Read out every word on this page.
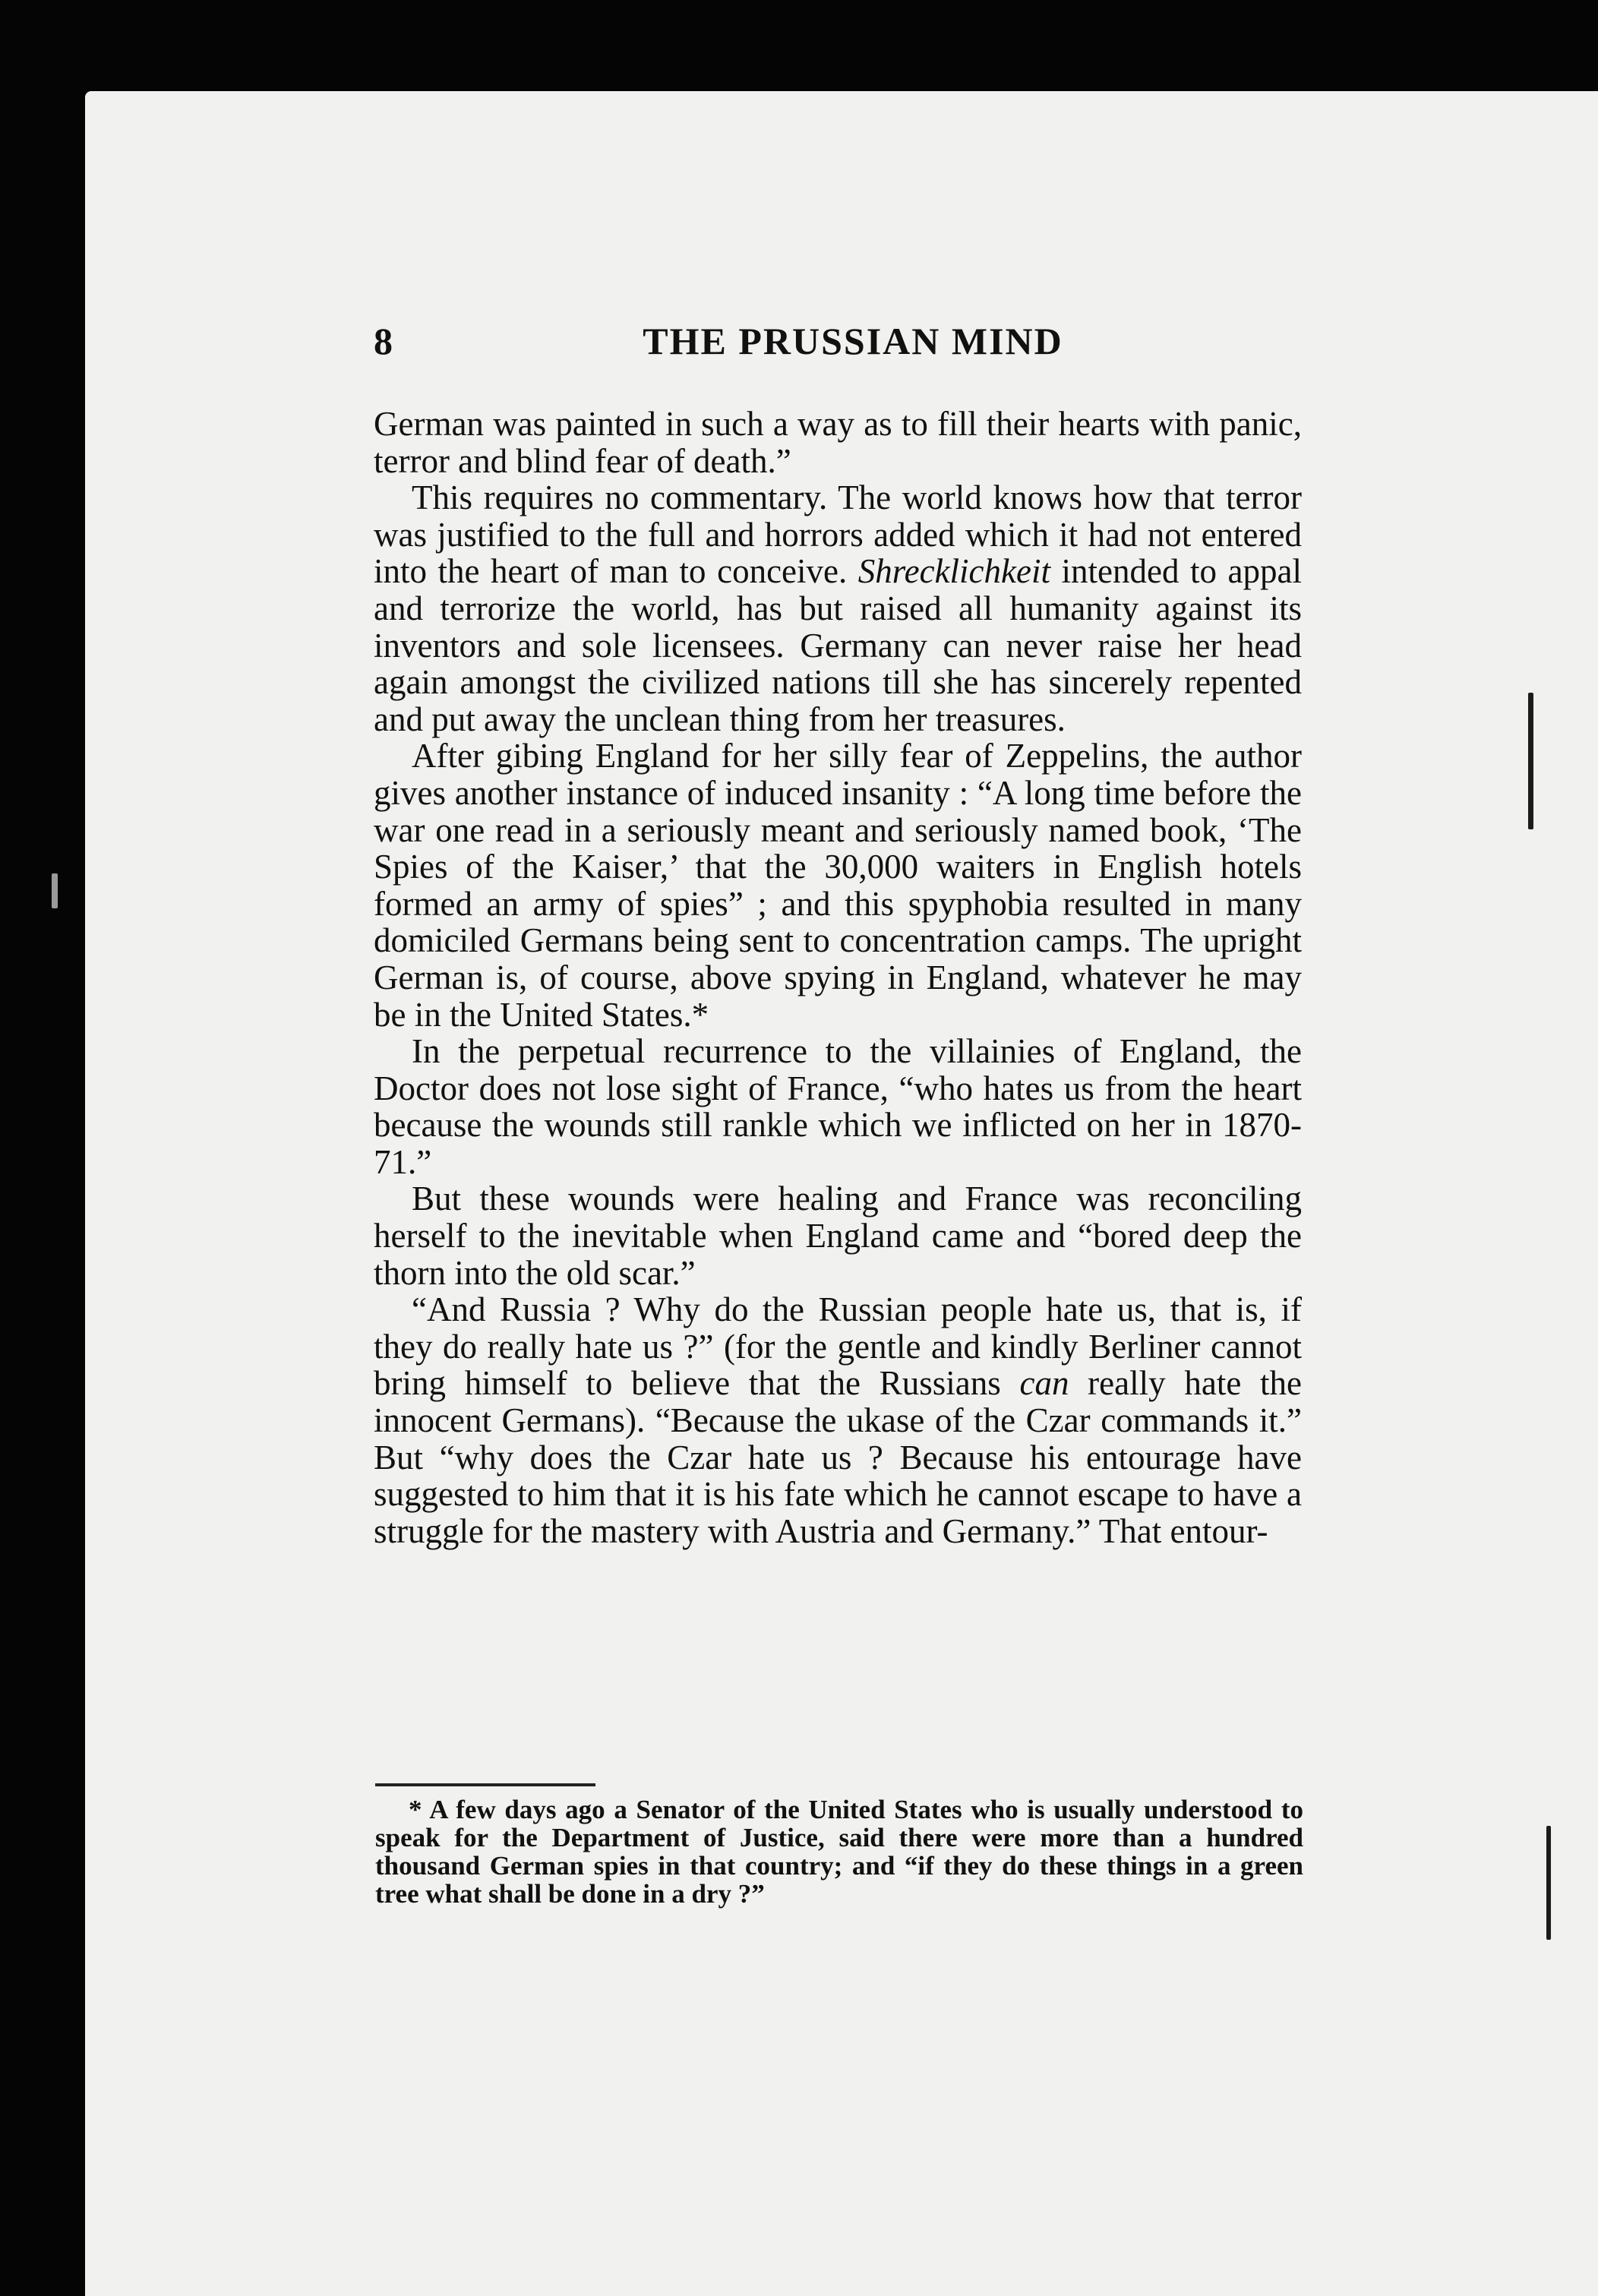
8	THE PRUSSIAN MIND

German was painted in such a way as to fill their hearts with panic, terror and blind fear of death.”

This requires no commentary. The world knows how that terror was justified to the full and horrors added which it had not entered into the heart of man to conceive. Shrecklichkeit intended to appal and terrorize the world, has but raised all humanity against its inventors and sole licensees. Germany can never raise her head again amongst the civilized nations till she has sincerely repented and put away the unclean thing from her treasures.

After gibing England for her silly fear of Zeppelins, the author gives another instance of induced insanity : “A long time before the war one read in a seriously meant and seriously named book, ‘The Spies of the Kaiser,’ that the 30,000 waiters in English hotels formed an army of spies” ; and this spyphobia resulted in many domiciled Germans being sent to concentration camps. The upright German is, of course, above spying in England, whatever he may be in the United States.*

In the perpetual recurrence to the villainies of England, the Doctor does not lose sight of France, “who hates us from the heart because the wounds still rankle which we inflicted on her in 1870-71.”

But these wounds were healing and France was reconciling herself to the inevitable when England came and “bored deep the thorn into the old scar.”

“And Russia ? Why do the Russian people hate us, that is, if they do really hate us ?” (for the gentle and kindly Berliner cannot bring himself to believe that the Russians can really hate the innocent Germans). “Because the ukase of the Czar commands it.” But “why does the Czar hate us ? Because his entourage have suggested to him that it is his fate which he cannot escape to have a struggle for the mastery with Austria and Germany.” That entour-

* A few days ago a Senator of the United States who is usually understood to speak for the Department of Justice, said there were more than a hundred thousand German spies in that country; and “if they do these things in a green tree what shall be done in a dry ?”
